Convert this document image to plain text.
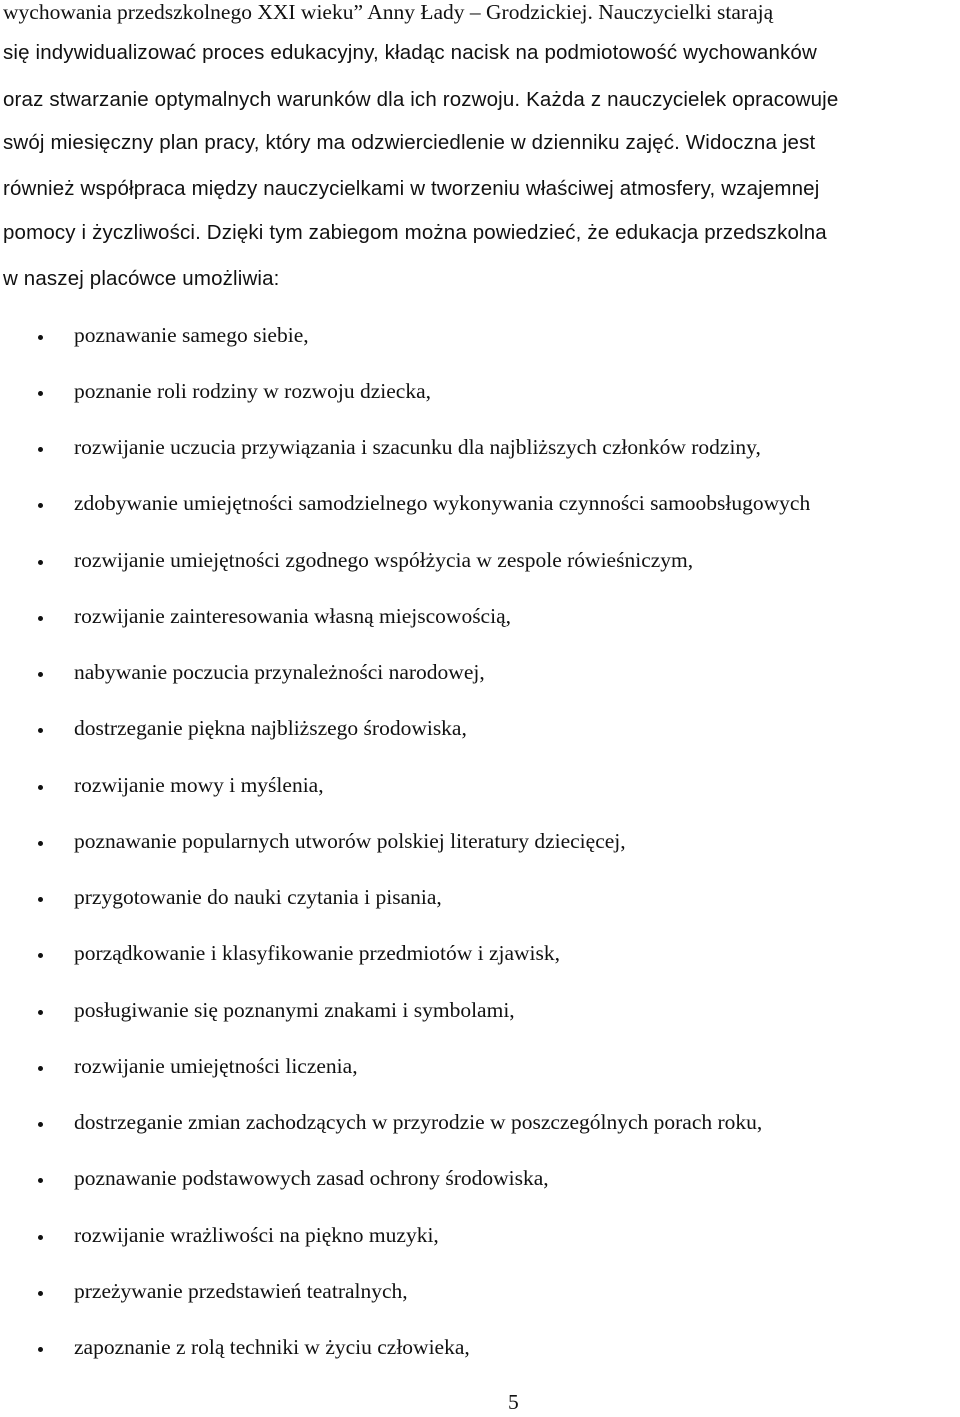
wychowania przedszkolnego XXI wieku” Anny Łady – Grodzickiej. Nauczycielki starają
się indywidualizować proces edukacyjny, kładąc nacisk na podmiotowość wychowanków
oraz stwarzanie optymalnych warunków dla ich rozwoju. Każda z nauczycielek opracowuje
swój miesięczny plan pracy, który ma odzwierciedlenie w dzienniku zajęć. Widoczna jest
również współpraca między nauczycielkami w tworzeniu właściwej atmosfery, wzajemnej
pomocy i życzliwości. Dzięki tym zabiegom można powiedzieć, że edukacja przedszkolna
w naszej placówce umożliwia:
poznawanie samego siebie,
poznanie roli rodziny w rozwoju dziecka,
rozwijanie uczucia przywiązania i szacunku dla najbliższych członków rodziny,
zdobywanie umiejętności samodzielnego wykonywania czynności samoobsługowych
rozwijanie umiejętności zgodnego współżycia w zespole rówieśniczym,
rozwijanie zainteresowania własną miejscowością,
nabywanie poczucia przynależności narodowej,
dostrzeganie piękna najbliższego środowiska,
rozwijanie mowy i myślenia,
poznawanie popularnych utworów polskiej literatury dziecięcej,
przygotowanie do nauki czytania i pisania,
porządkowanie i klasyfikowanie przedmiotów i zjawisk,
posługiwanie się poznanymi znakami i symbolami,
rozwijanie umiejętności liczenia,
dostrzeganie zmian zachodzących w przyrodzie w poszczególnych porach roku,
poznawanie podstawowych zasad ochrony środowiska,
rozwijanie wrażliwości na piękno muzyki,
przeżywanie przedstawień teatralnych,
zapoznanie z rolą techniki w życiu człowieka,
5
